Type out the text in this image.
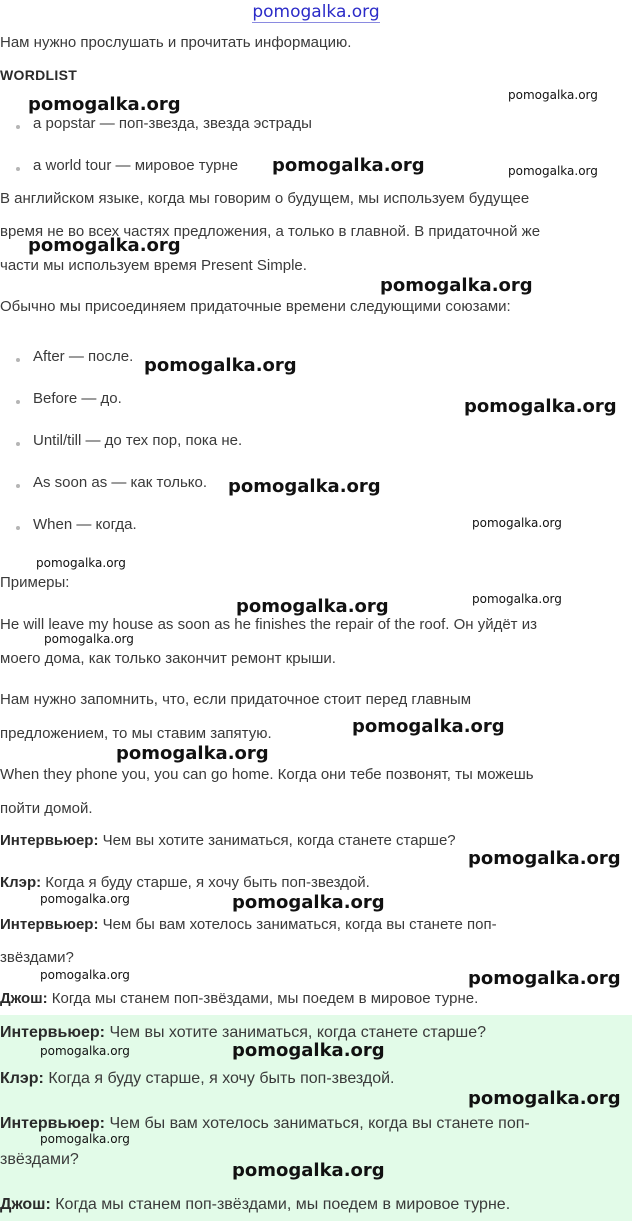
pomogalka.org
Нам нужно прослушать и прочитать информацию.
WORDLIST
a popstar — поп-звезда, звезда эстрады
a world tour — мировое турне
В английском языке, когда мы говорим о будущем, мы используем будущее
время не во всех частях предложения, а только в главной. В придаточной же
части мы используем время Present Simple.
Обычно мы присоединяем придаточные времени следующими союзами:
After — после.
Before — до.
Until/till — до тех пор, пока не.
As soon as — как только.
When — когда.
Примеры:
He will leave my house as soon as he finishes the repair of the roof. Он уйдёт из
моего дома, как только закончит ремонт крыши.
Нам нужно запомнить, что, если придаточное стоит перед главным
предложением, то мы ставим запятую.
When they phone you, you can go home. Когда они тебе позвонят, ты можешь
пойти домой.
Интервьюер: Чем вы хотите заниматься, когда станете старше?
Клэр: Когда я буду старше, я хочу быть поп-звездой.
Интервьюер: Чем бы вам хотелось заниматься, когда вы станете поп-
звёздами?
Джош: Когда мы станем поп-звёздами, мы поедем в мировое турне.
Интервьюер: Чем вы хотите заниматься, когда станете старше?
Клэр: Когда я буду старше, я хочу быть поп-звездой.
Интервьюер: Чем бы вам хотелось заниматься, когда вы станете поп-
звёздами?
Джош: Когда мы станем поп-звёздами, мы поедем в мировое турне.
pomogalka.org	pomogalka.org
pomogalka.org	pomogalka.org
pomogalka.org
pomogalka.org
pomogalka.org
pomogalka.org
pomogalka.org
pomogalka.org
pomogalka.org
pomogalka.org	pomogalka.org
pomogalka.org
pomogalka.org
pomogalka.org
pomogalka.org
pomogalka.org	pomogalka.org
pomogalka.org	pomogalka.org
pomogalka.org	pomogalka.org
pomogalka.org
pomogalka.org
pomogalka.org
